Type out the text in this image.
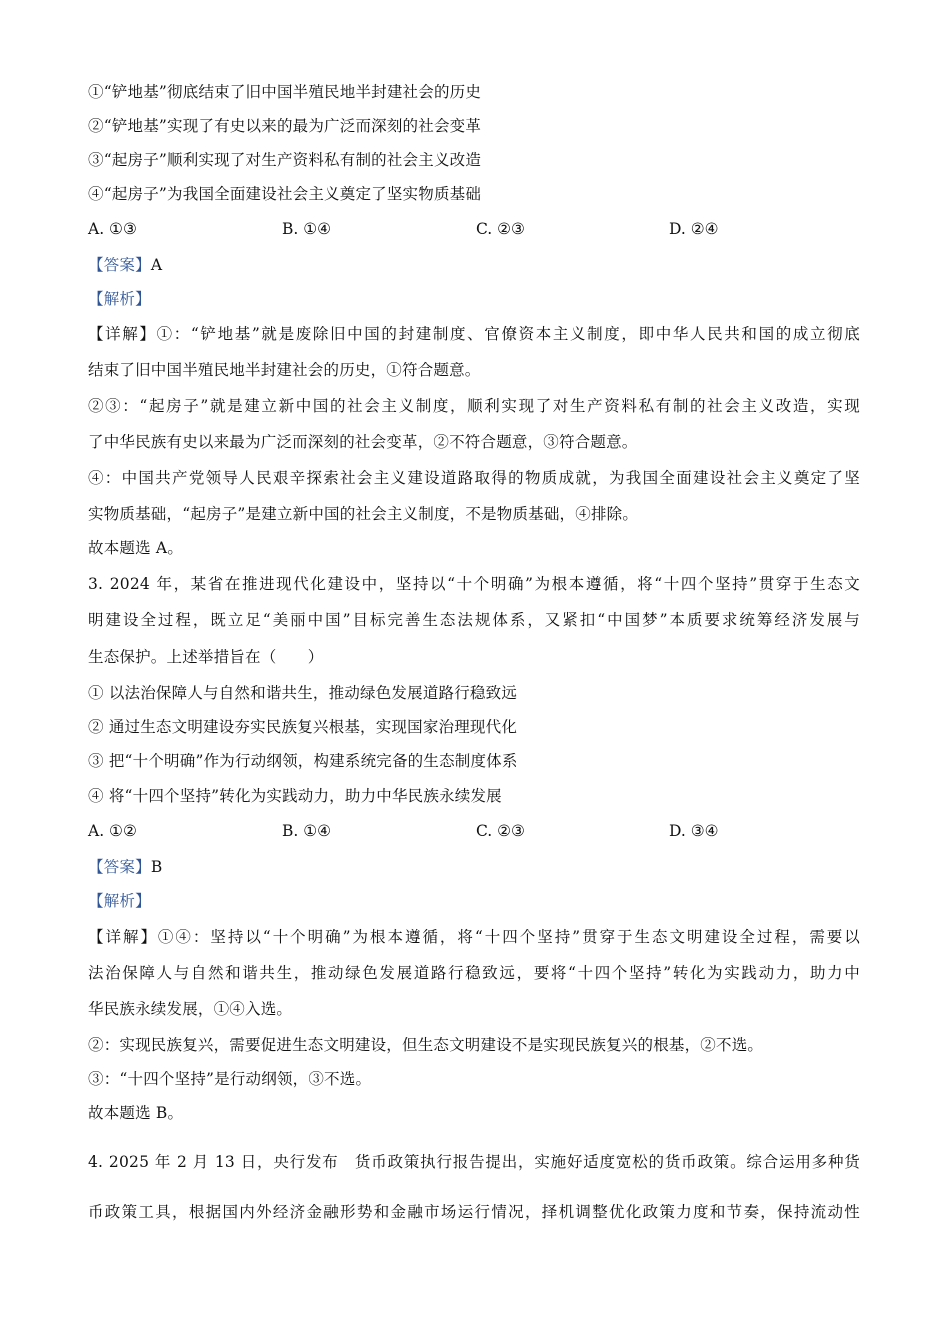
①“铲地基”彻底结束了旧中国半殖民地半封建社会的历史
②“铲地基”实现了有史以来的最为广泛而深刻的社会变革
③“起房子”顺利实现了对生产资料私有制的社会主义改造
④“起房子”为我国全面建设社会主义奠定了坚实物质基础
A. ①③	B. ①④	C. ②③	D. ②④
【答案】A
【解析】
【详解】①：“铲地基”就是废除旧中国的封建制度、官僚资本主义制度，即中华人民共和国的成立彻底
结束了旧中国半殖民地半封建社会的历史，①符合题意。
②③：“起房子”就是建立新中国的社会主义制度，顺利实现了对生产资料私有制的社会主义改造，实现
了中华民族有史以来最为广泛而深刻的社会变革，②不符合题意，③符合题意。
④：中国共产党领导人民艰辛探索社会主义建设道路取得的物质成就，为我国全面建设社会主义奠定了坚
实物质基础，“起房子”是建立新中国的社会主义制度，不是物质基础，④排除。
故本题选 A。
3. 2024 年，某省在推进现代化建设中，坚持以“十个明确”为根本遵循，将“十四个坚持”贯穿于生态文
明建设全过程，既立足“美丽中国”目标完善生态法规体系，又紧扣“中国梦”本质要求统筹经济发展与
生态保护。上述举措旨在（　　）
① 以法治保障人与自然和谐共生，推动绿色发展道路行稳致远
② 通过生态文明建设夯实民族复兴根基，实现国家治理现代化
③ 把“十个明确”作为行动纲领，构建系统完备的生态制度体系
④ 将“十四个坚持”转化为实践动力，助力中华民族永续发展
A. ①②	B. ①④	C. ②③	D. ③④
【答案】B
【解析】
【详解】①④：坚持以“十个明确”为根本遵循，将“十四个坚持”贯穿于生态文明建设全过程，需要以
法治保障人与自然和谐共生，推动绿色发展道路行稳致远，要将“十四个坚持”转化为实践动力，助力中
华民族永续发展，①④入选。
②：实现民族复兴，需要促进生态文明建设，但生态文明建设不是实现民族复兴的根基，②不选。
③：“十四个坚持”是行动纲领，③不选。
故本题选 B。
4. 2025 年 2 月 13 日，央行发布　货币政策执行报告提出，实施好适度宽松的货币政策。综合运用多种货
币政策工具，根据国内外经济金融形势和金融市场运行情况，择机调整优化政策力度和节奏，保持流动性
